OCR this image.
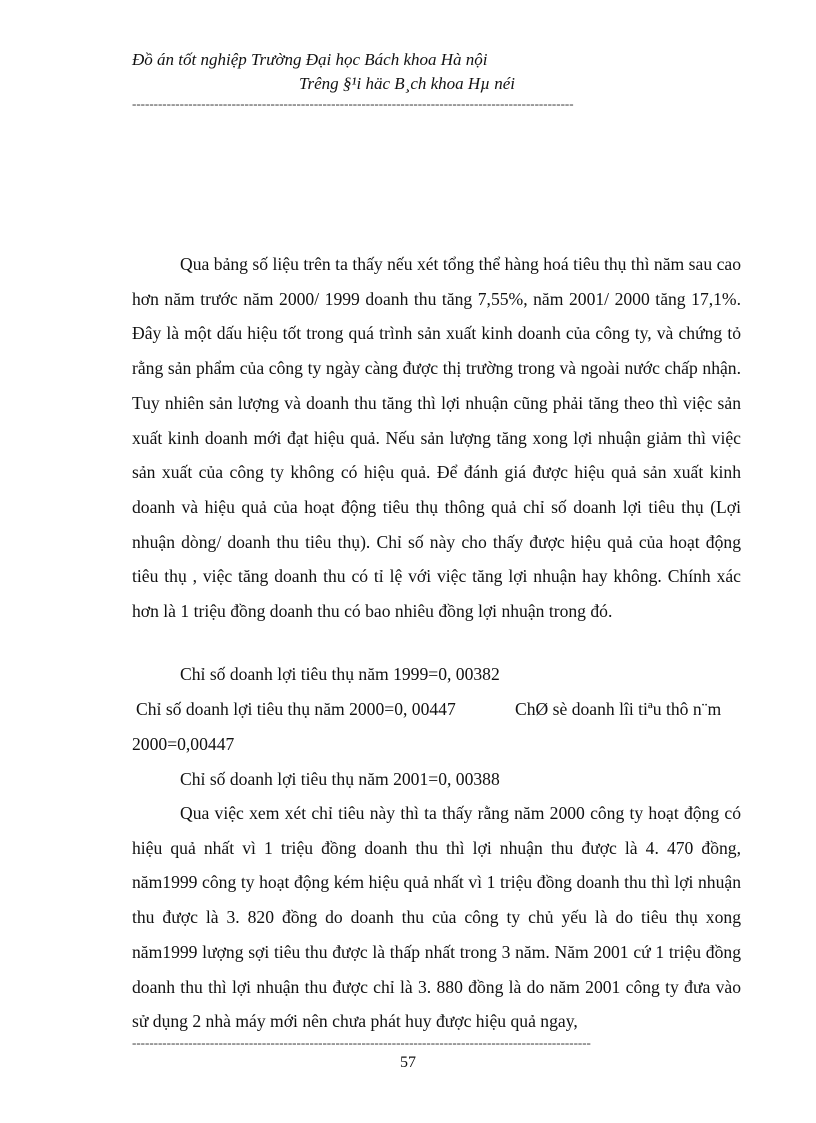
Đồ án tốt nghiệp Trường Đại học Bách khoa Hà nội
Trêng §¹i häc B¸ch khoa Hµ néi
------------------------------------------------------------------------------------------------------

Qua bảng số liệu trên ta thấy nếu xét tổng thể hàng hoá tiêu thụ thì năm sau cao hơn năm trước năm 2000/ 1999 doanh thu tăng 7,55%, năm 2001/ 2000 tăng 17,1%. Đây là một dấu hiệu tốt trong quá trình sản xuất kinh doanh của công ty, và chứng tỏ rằng sản phẩm của công ty ngày càng được thị trường trong và ngoài nước chấp nhận. Tuy nhiên sản lượng và doanh thu tăng thì lợi nhuận cũng phải tăng theo thì việc sản xuất kinh doanh mới đạt hiệu quả. Nếu sản lượng tăng xong lợi nhuận giảm thì việc sản xuất của công ty không có hiệu quả. Để đánh giá được hiệu quả sản xuất kinh doanh và hiệu quả của hoạt động tiêu thụ thông quả chỉ số doanh lợi tiêu thụ (Lợi nhuận dòng/ doanh thu tiêu thụ). Chỉ số này cho thấy được hiệu quả của hoạt động tiêu thụ , việc tăng doanh thu có tỉ lệ với việc tăng lợi nhuận hay không. Chính xác hơn là 1 triệu đồng doanh thu có bao nhiêu đồng lợi nhuận trong đó.

Chỉ số doanh lợi tiêu thụ năm 1999=0, 00382
Chỉ số doanh lợi tiêu thụ năm 2000=0, 00447	ChØ sè doanh lîi tiªu thô n¨m
2000=0,00447
Chỉ số doanh lợi tiêu thụ năm 2001=0, 00388

Qua việc xem xét chỉ tiêu này thì ta thấy rằng năm 2000 công ty hoạt động có hiệu quả nhất vì 1 triệu đồng doanh thu thì lợi nhuận thu được là 4. 470 đồng, năm1999 công ty hoạt động kém hiệu quả nhất vì 1 triệu đồng doanh thu thì lợi nhuận thu được là 3. 820 đồng do doanh thu của công ty chủ yếu là do tiêu thụ xong năm1999 lượng sợi tiêu thu được là thấp nhất trong 3 năm. Năm 2001 cứ 1 triệu đồng doanh thu thì lợi nhuận thu được chỉ là 3. 880 đồng là do năm 2001 công ty đưa vào sử dụng 2 nhà máy mới nên chưa phát huy được hiệu quả ngay,

----------------------------------------------------------------------------------------------------------
57
